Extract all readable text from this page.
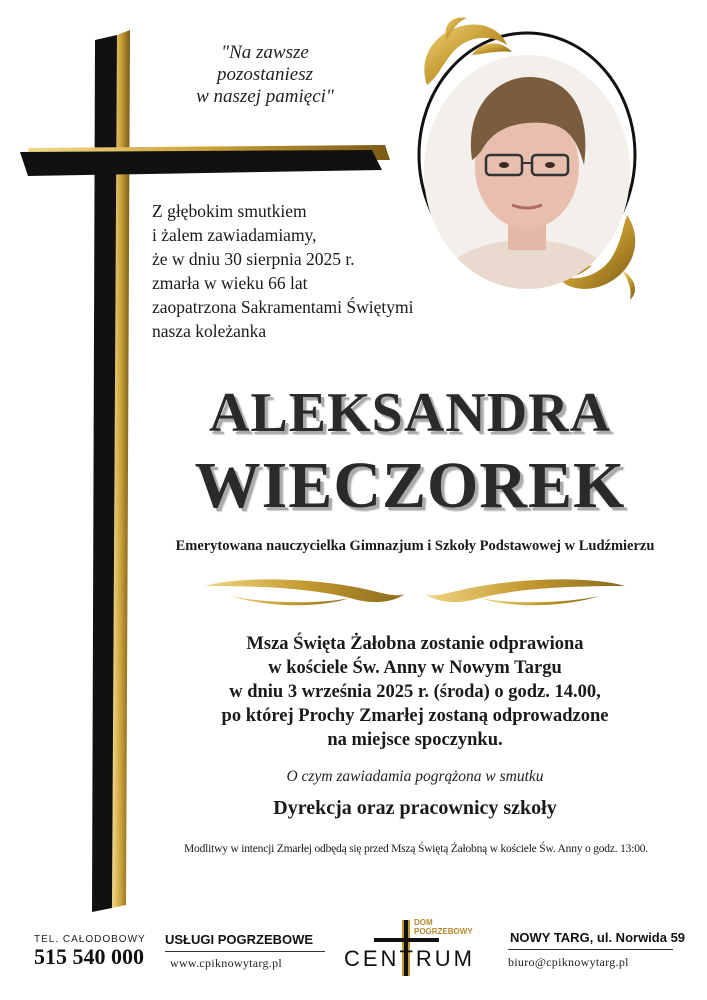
"Na zawsze
pozostaniesz
w naszej pamięci"
Z głębokim smutkiem
i żalem zawiadamiamy,
że w dniu 30 sierpnia 2025 r.
zmarła w wieku 66 lat
zaopatrzona Sakramentami Świętymi
nasza koleżanka
ALEKSANDRA
WIECZOREK
Emerytowana nauczycielka Gimnazjum i Szkoły Podstawowej w Ludźmierzu
Msza Święta Żałobna zostanie odprawiona
w kościele Św. Anny w Nowym Targu
w dniu 3 września 2025 r. (środa) o godz. 14.00,
po której Prochy Zmarłej zostaną odprowadzone
na miejsce spoczynku.
O czym zawiadamia pogrążona w smutku
Dyrekcja oraz pracownicy szkoły
Modlitwy w intencji Zmarłej odbędą się przed Mszą Świętą Żałobną w kościele Św. Anny o godz. 13:00.
TEL. CAŁODOBOWY
515 540 000
USŁUGI POGRZEBOWE
www.cpiknowytarg.pl
DOM
POGRZEBOWY
CENTRUM
NOWY TARG, ul. Norwida 59
biuro@cpiknowytarg.pl
